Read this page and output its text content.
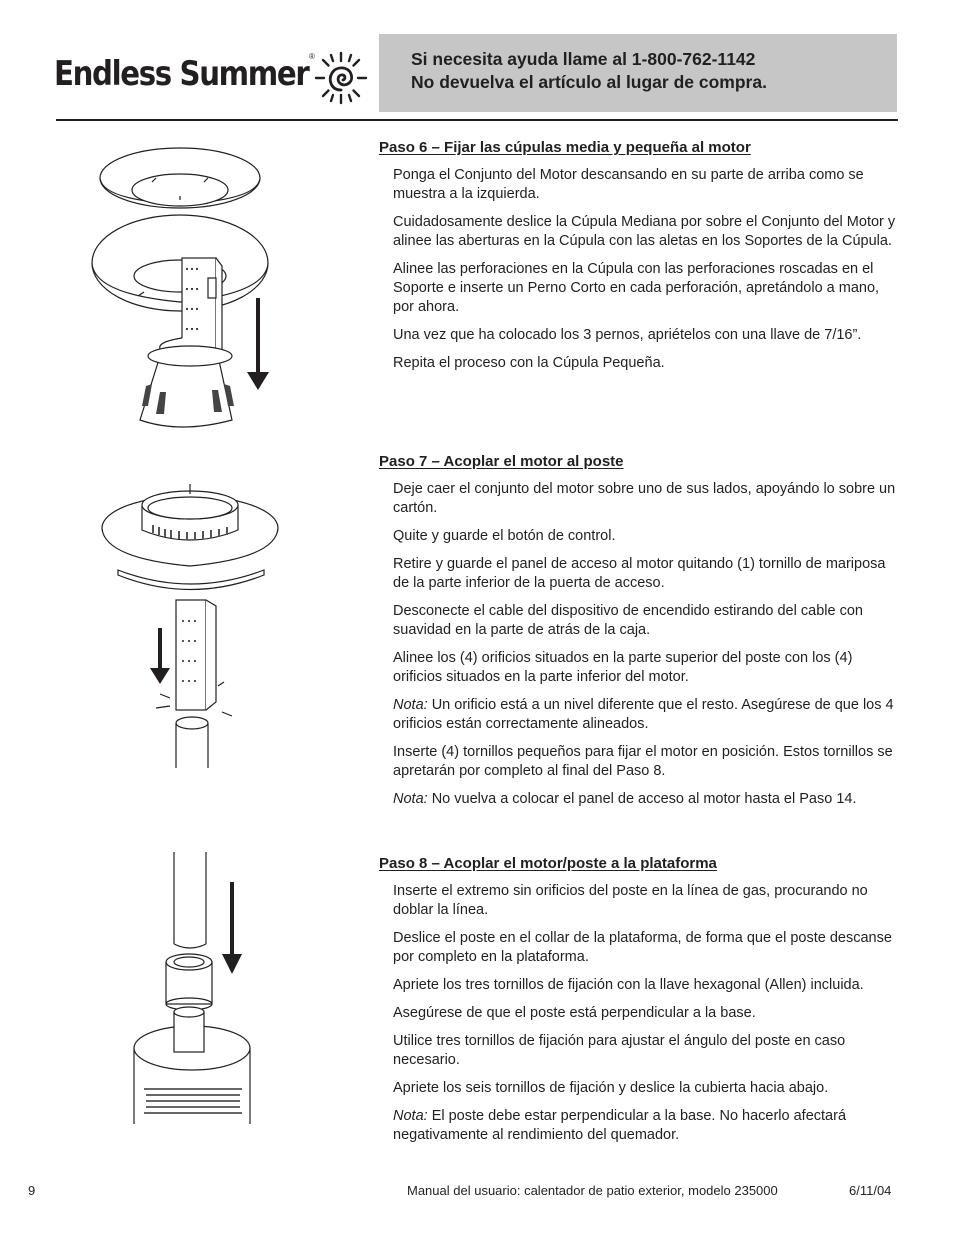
Endless Summer ®	Si necesita ayuda llame al 1-800-762-1142
No devuelva el artículo al lugar de compra.
Paso 6 – Fijar las cúpulas media y pequeña al motor

Ponga el Conjunto del Motor descansando en su parte de arriba como se muestra a la izquierda.

Cuidadosamente deslice la Cúpula Mediana por sobre el Conjunto del Motor y alinee las aberturas en la Cúpula con las aletas en los Soportes de la Cúpula.

Alinee las perforaciones en la Cúpula con las perforaciones roscadas en el Soporte e inserte un Perno Corto en cada perforación, apretándolo a mano, por ahora.

Una vez que ha colocado los 3 pernos, apriételos con una llave de 7/16”.

Repita el proceso con la Cúpula Pequeña.

Paso 7 – Acoplar el motor al poste

Deje caer el conjunto del motor sobre uno de sus lados, apoyándo lo sobre un cartón.

Quite y guarde el botón de control.

Retire y guarde el panel de acceso al motor quitando (1) tornillo de mariposa de la parte inferior de la puerta de acceso.

Desconecte el cable del dispositivo de encendido estirando del cable con suavidad en la parte de atrás de la caja.

Alinee los (4) orificios situados en la parte superior del poste con los (4) orificios situados en la parte inferior del motor.

Nota: Un orificio está a un nivel diferente que el resto. Asegúrese de que los 4 orificios están correctamente alineados.

Inserte (4) tornillos pequeños para fijar el motor en posición. Estos tornillos se apretarán por completo al final del Paso 8.

Nota: No vuelva a colocar el panel de acceso al motor hasta el Paso 14.

Paso 8 – Acoplar el motor/poste a la plataforma

Inserte el extremo sin orificios del poste en la línea de gas, procurando no doblar la línea.

Deslice el poste en el collar de la plataforma, de forma que el poste descanse por completo en la plataforma.

Apriete los tres tornillos de fijación con la llave hexagonal (Allen) incluida.

Asegúrese de que el poste está perpendicular a la base.

Utilice tres tornillos de fijación para ajustar el ángulo del poste en caso necesario.

Apriete los seis tornillos de fijación y deslice la cubierta hacia abajo.

Nota: El poste debe estar perpendicular a la base. No hacerlo afectará negativamente al rendimiento del quemador.

9	Manual del usuario: calentador de patio exterior, modelo 235000	6/11/04
